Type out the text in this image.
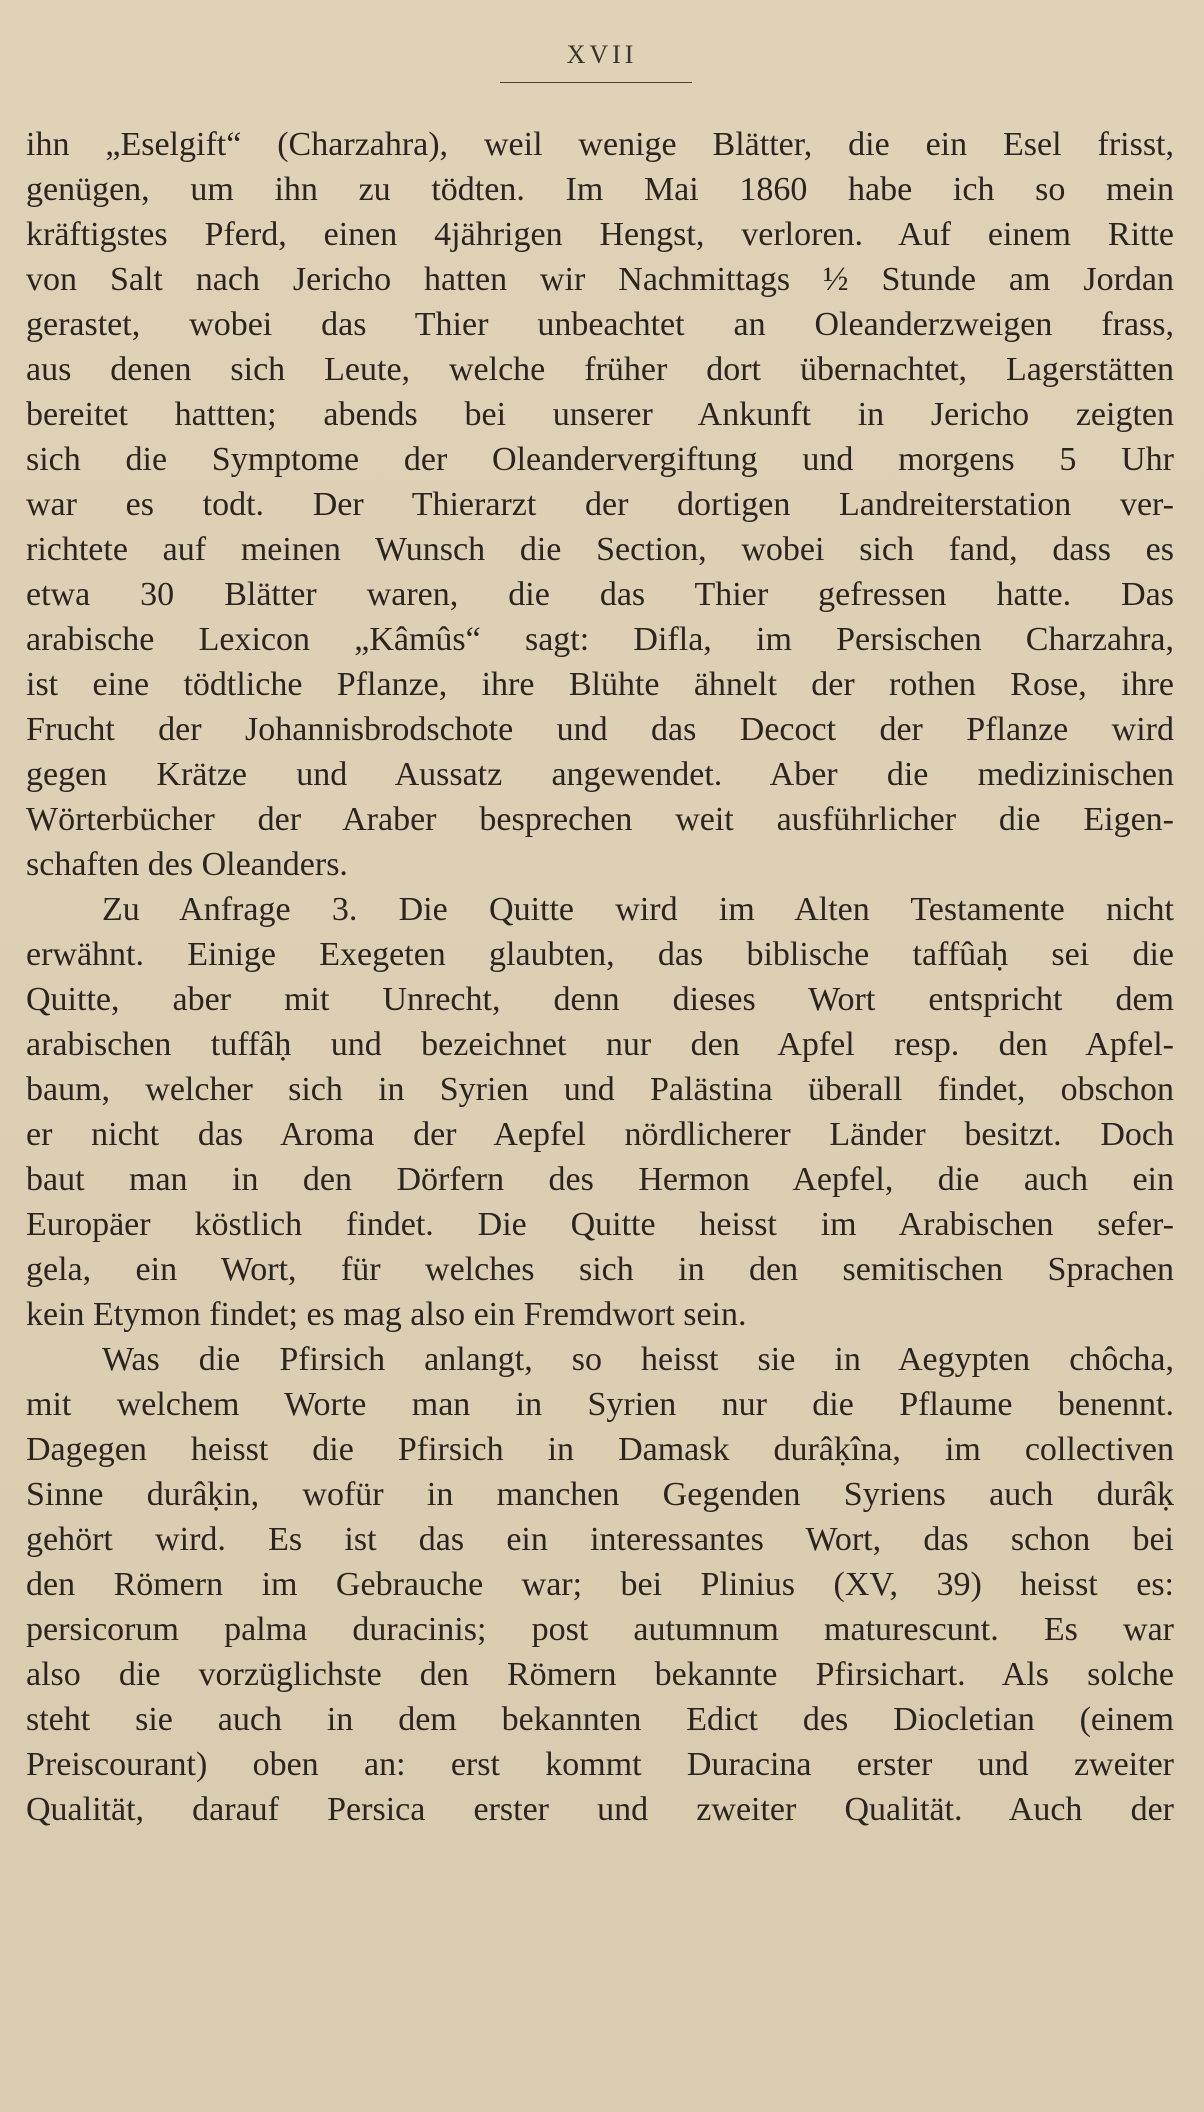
XVII
ihn „Eselgift“ (Charzahra), weil wenige Blätter, die ein Esel frisst,
genügen, um ihn zu tödten. Im Mai 1860 habe ich so mein
kräftigstes Pferd, einen 4jährigen Hengst, verloren. Auf einem Ritte
von Salt nach Jericho hatten wir Nachmittags ½ Stunde am Jordan
gerastet, wobei das Thier unbeachtet an Oleanderzweigen frass,
aus denen sich Leute, welche früher dort übernachtet, Lagerstätten
bereitet hattten; abends bei unserer Ankunft in Jericho zeigten
sich die Symptome der Oleandervergiftung und morgens 5 Uhr
war es todt. Der Thierarzt der dortigen Landreiterstation ver-
richtete auf meinen Wunsch die Section, wobei sich fand, dass es
etwa 30 Blätter waren, die das Thier gefressen hatte. Das
arabische Lexicon „Kâmûs“ sagt: Difla, im Persischen Charzahra,
ist eine tödtliche Pflanze, ihre Blühte ähnelt der rothen Rose, ihre
Frucht der Johannisbrodschote und das Decoct der Pflanze wird
gegen Krätze und Aussatz angewendet. Aber die medizinischen
Wörterbücher der Araber besprechen weit ausführlicher die Eigen-
schaften des Oleanders.
Zu Anfrage 3. Die Quitte wird im Alten Testamente nicht
erwähnt. Einige Exegeten glaubten, das biblische taffûaḥ sei die
Quitte, aber mit Unrecht, denn dieses Wort entspricht dem
arabischen tuffâḥ und bezeichnet nur den Apfel resp. den Apfel-
baum, welcher sich in Syrien und Palästina überall findet, obschon
er nicht das Aroma der Aepfel nördlicherer Länder besitzt. Doch
baut man in den Dörfern des Hermon Aepfel, die auch ein
Europäer köstlich findet. Die Quitte heisst im Arabischen sefer-
gela, ein Wort, für welches sich in den semitischen Sprachen
kein Etymon findet; es mag also ein Fremdwort sein.
Was die Pfirsich anlangt, so heisst sie in Aegypten chôcha,
mit welchem Worte man in Syrien nur die Pflaume benennt.
Dagegen heisst die Pfirsich in Damask durâḳîna, im collectiven
Sinne durâḳin, wofür in manchen Gegenden Syriens auch durâḳ
gehört wird. Es ist das ein interessantes Wort, das schon bei
den Römern im Gebrauche war; bei Plinius (XV, 39) heisst es:
persicorum palma duracinis; post autumnum maturescunt. Es war
also die vorzüglichste den Römern bekannte Pfirsichart. Als solche
steht sie auch in dem bekannten Edict des Diocletian (einem
Preiscourant) oben an: erst kommt Duracina erster und zweiter
Qualität, darauf Persica erster und zweiter Qualität. Auch der
